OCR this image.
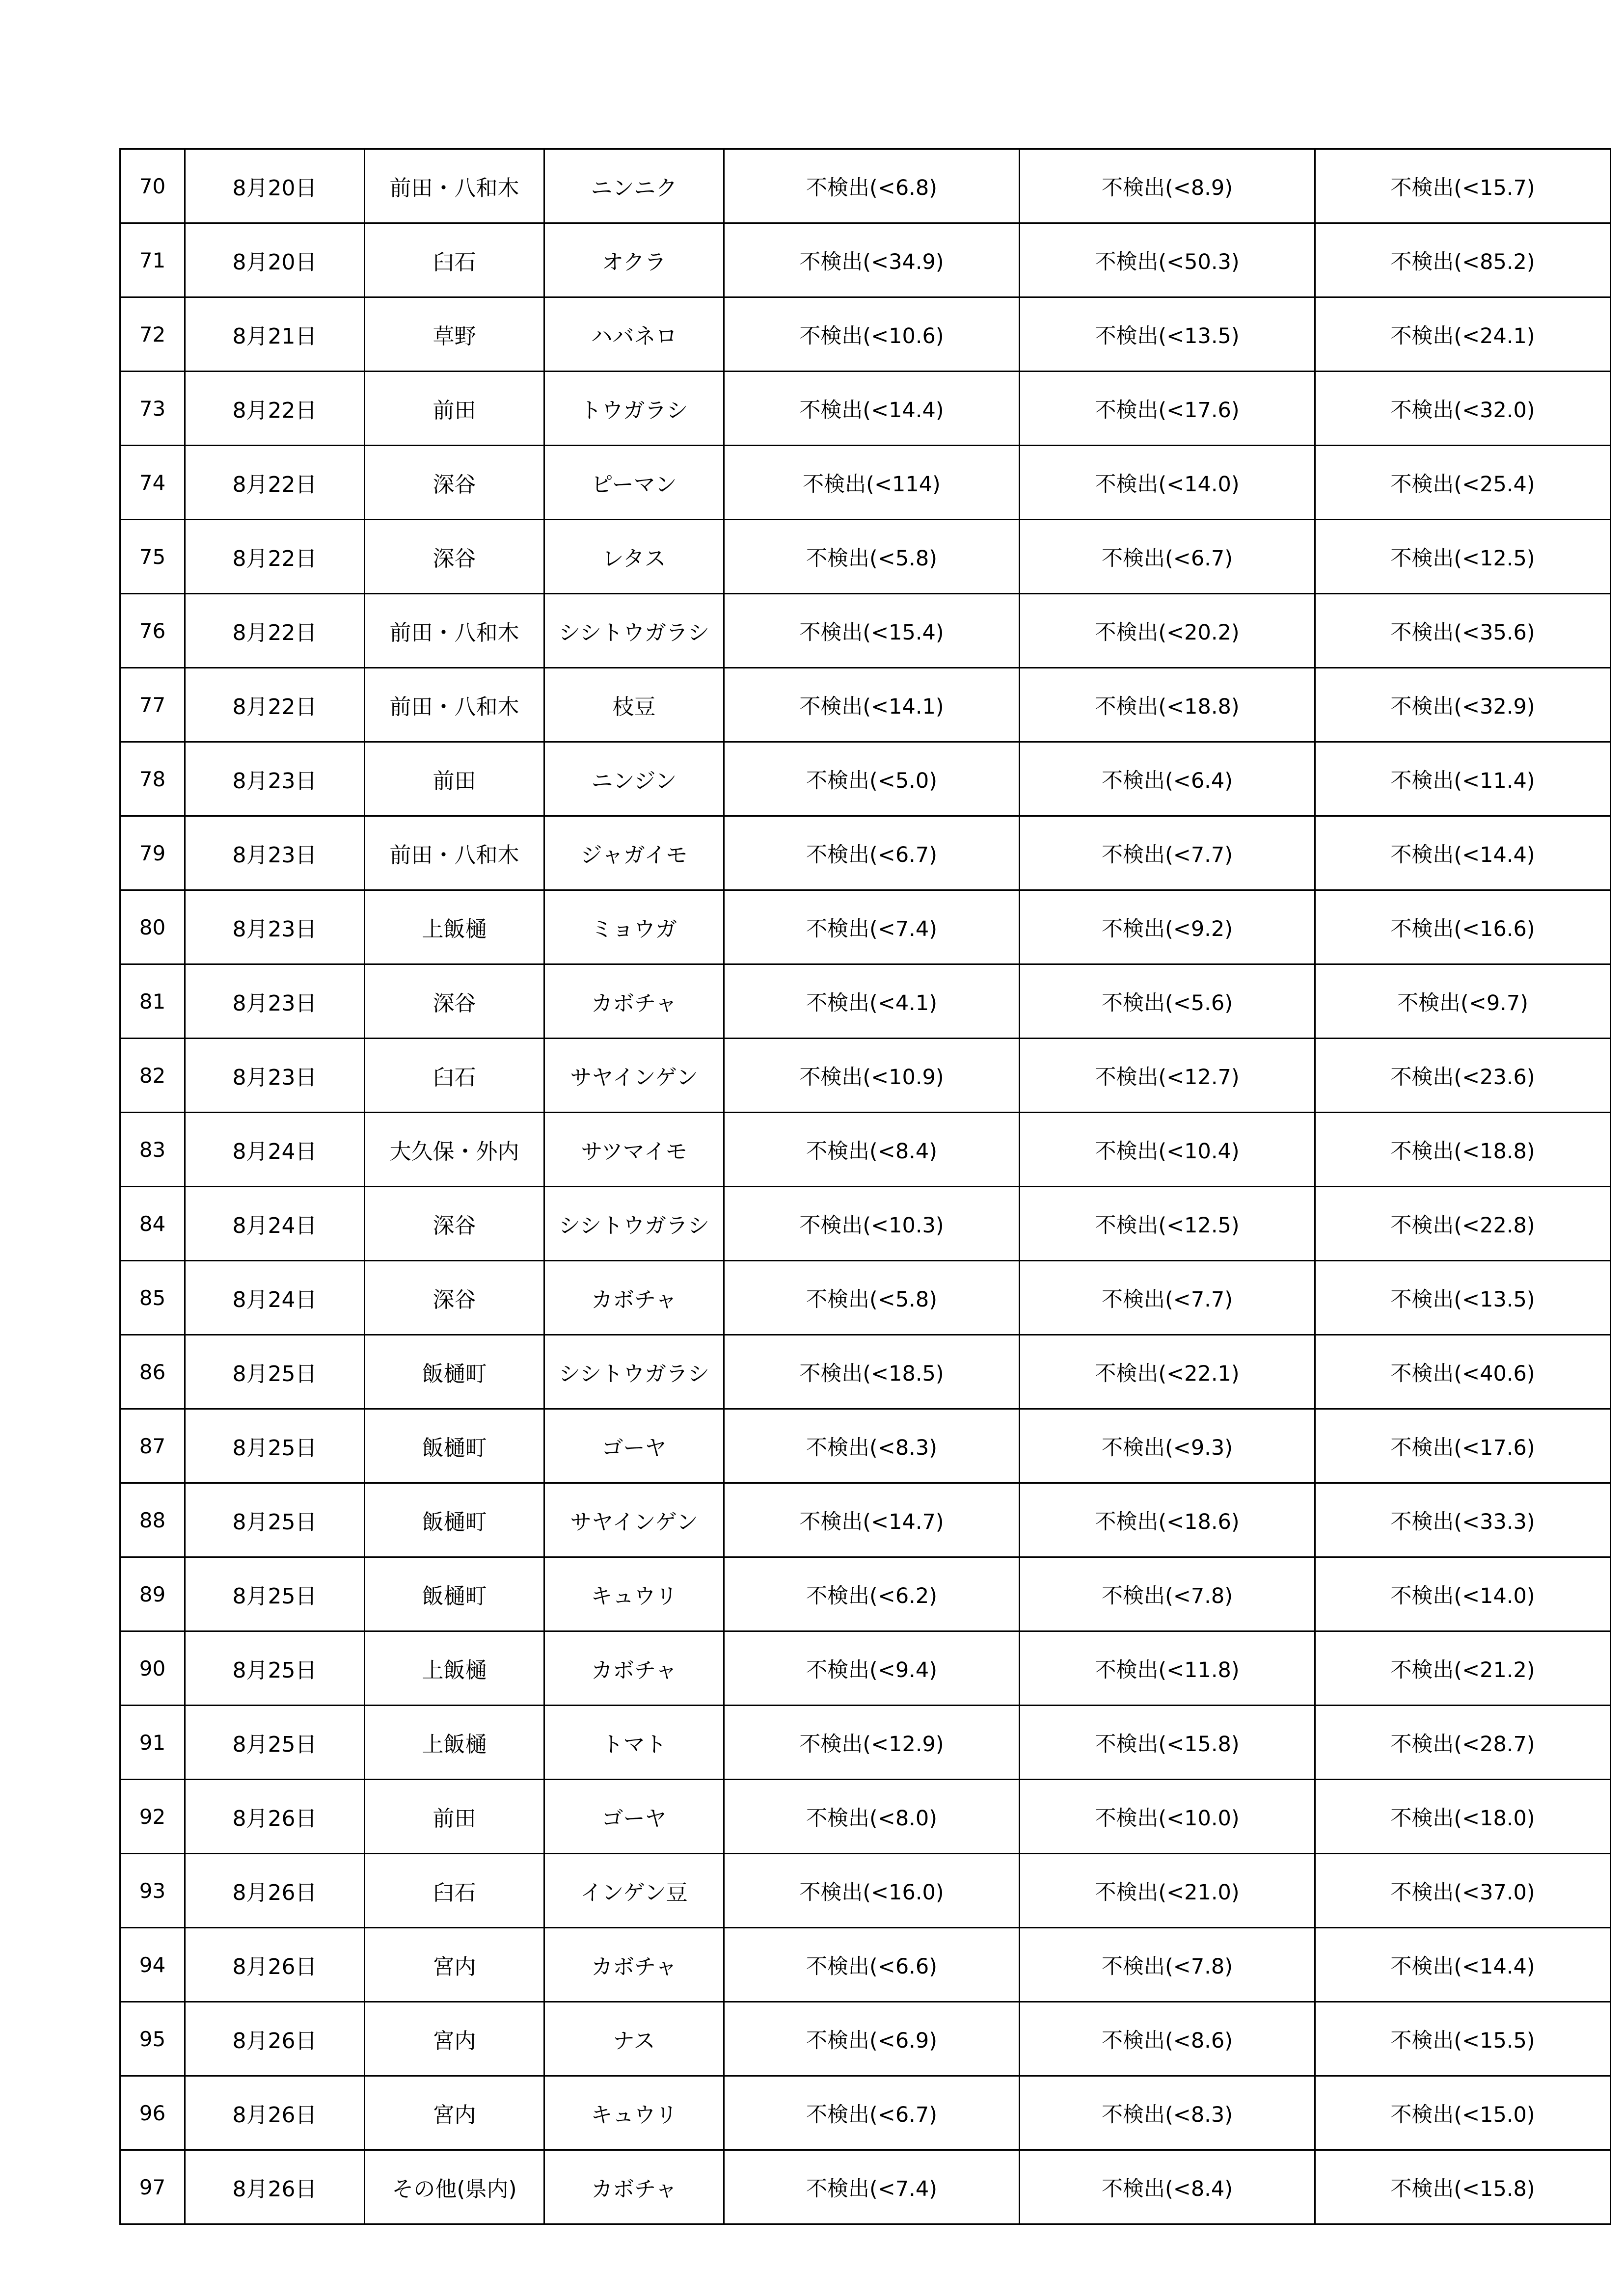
70	8月20日	前田・八和木	ニンニク	不検出(<6.8)	不検出(<8.9)	不検出(<15.7)
71	8月20日	臼石	オクラ	不検出(<34.9)	不検出(<50.3)	不検出(<85.2)
72	8月21日	草野	ハバネロ	不検出(<10.6)	不検出(<13.5)	不検出(<24.1)
73	8月22日	前田	トウガラシ	不検出(<14.4)	不検出(<17.6)	不検出(<32.0)
74	8月22日	深谷	ピーマン	不検出(<114)	不検出(<14.0)	不検出(<25.4)
75	8月22日	深谷	レタス	不検出(<5.8)	不検出(<6.7)	不検出(<12.5)
76	8月22日	前田・八和木	シシトウガラシ	不検出(<15.4)	不検出(<20.2)	不検出(<35.6)
77	8月22日	前田・八和木	枝豆	不検出(<14.1)	不検出(<18.8)	不検出(<32.9)
78	8月23日	前田	ニンジン	不検出(<5.0)	不検出(<6.4)	不検出(<11.4)
79	8月23日	前田・八和木	ジャガイモ	不検出(<6.7)	不検出(<7.7)	不検出(<14.4)
80	8月23日	上飯樋	ミョウガ	不検出(<7.4)	不検出(<9.2)	不検出(<16.6)
81	8月23日	深谷	カボチャ	不検出(<4.1)	不検出(<5.6)	不検出(<9.7)
82	8月23日	臼石	サヤインゲン	不検出(<10.9)	不検出(<12.7)	不検出(<23.6)
83	8月24日	大久保・外内	サツマイモ	不検出(<8.4)	不検出(<10.4)	不検出(<18.8)
84	8月24日	深谷	シシトウガラシ	不検出(<10.3)	不検出(<12.5)	不検出(<22.8)
85	8月24日	深谷	カボチャ	不検出(<5.8)	不検出(<7.7)	不検出(<13.5)
86	8月25日	飯樋町	シシトウガラシ	不検出(<18.5)	不検出(<22.1)	不検出(<40.6)
87	8月25日	飯樋町	ゴーヤ	不検出(<8.3)	不検出(<9.3)	不検出(<17.6)
88	8月25日	飯樋町	サヤインゲン	不検出(<14.7)	不検出(<18.6)	不検出(<33.3)
89	8月25日	飯樋町	キュウリ	不検出(<6.2)	不検出(<7.8)	不検出(<14.0)
90	8月25日	上飯樋	カボチャ	不検出(<9.4)	不検出(<11.8)	不検出(<21.2)
91	8月25日	上飯樋	トマト	不検出(<12.9)	不検出(<15.8)	不検出(<28.7)
92	8月26日	前田	ゴーヤ	不検出(<8.0)	不検出(<10.0)	不検出(<18.0)
93	8月26日	臼石	インゲン豆	不検出(<16.0)	不検出(<21.0)	不検出(<37.0)
94	8月26日	宮内	カボチャ	不検出(<6.6)	不検出(<7.8)	不検出(<14.4)
95	8月26日	宮内	ナス	不検出(<6.9)	不検出(<8.6)	不検出(<15.5)
96	8月26日	宮内	キュウリ	不検出(<6.7)	不検出(<8.3)	不検出(<15.0)
97	8月26日	その他(県内)	カボチャ	不検出(<7.4)	不検出(<8.4)	不検出(<15.8)
